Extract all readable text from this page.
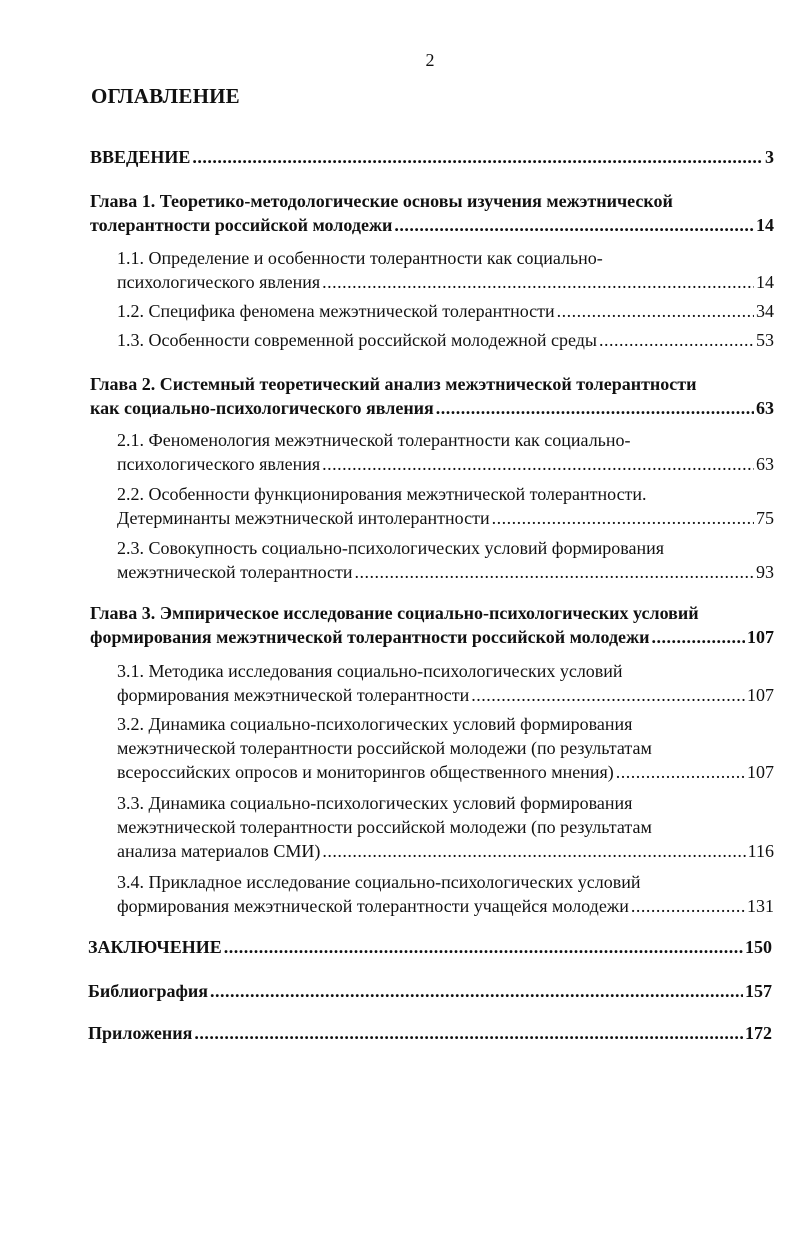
2
ОГЛАВЛЕНИЕ
ВВЕДЕНИЕ .....	3
Глава 1. Теоретико-методологические основы изучения межэтнической
толерантности российской молодежи .....	14
1.1. Определение и особенности толерантности как социально-
психологического явления .....	14
1.2. Специфика феномена межэтнической толерантности .....	34
1.3. Особенности современной российской молодежной среды .....	53
Глава 2. Системный теоретический анализ межэтнической толерантности
как социально-психологического явления .....	63
2.1. Феноменология межэтнической толерантности как социально-
психологического явления .....	63
2.2. Особенности функционирования межэтнической толерантности.
Детерминанты межэтнической интолерантности .....	75
2.3. Совокупность социально-психологических условий формирования
межэтнической толерантности .....	93
Глава 3. Эмпирическое исследование социально-психологических условий
формирования межэтнической толерантности российской молодежи .....	107
3.1. Методика исследования социально-психологических условий
формирования межэтнической толерантности .....	107
3.2. Динамика социально-психологических условий формирования
межэтнической толерантности российской молодежи (по результатам
всероссийских опросов и мониторингов общественного мнения) .....	107
3.3. Динамика социально-психологических условий формирования
межэтнической толерантности российской молодежи (по результатам
анализа материалов СМИ) .....	116
3.4. Прикладное исследование социально-психологических условий
формирования межэтнической толерантности учащейся молодежи .....	131
ЗАКЛЮЧЕНИЕ .....	150
Библиография .....	157
Приложения .....	172
